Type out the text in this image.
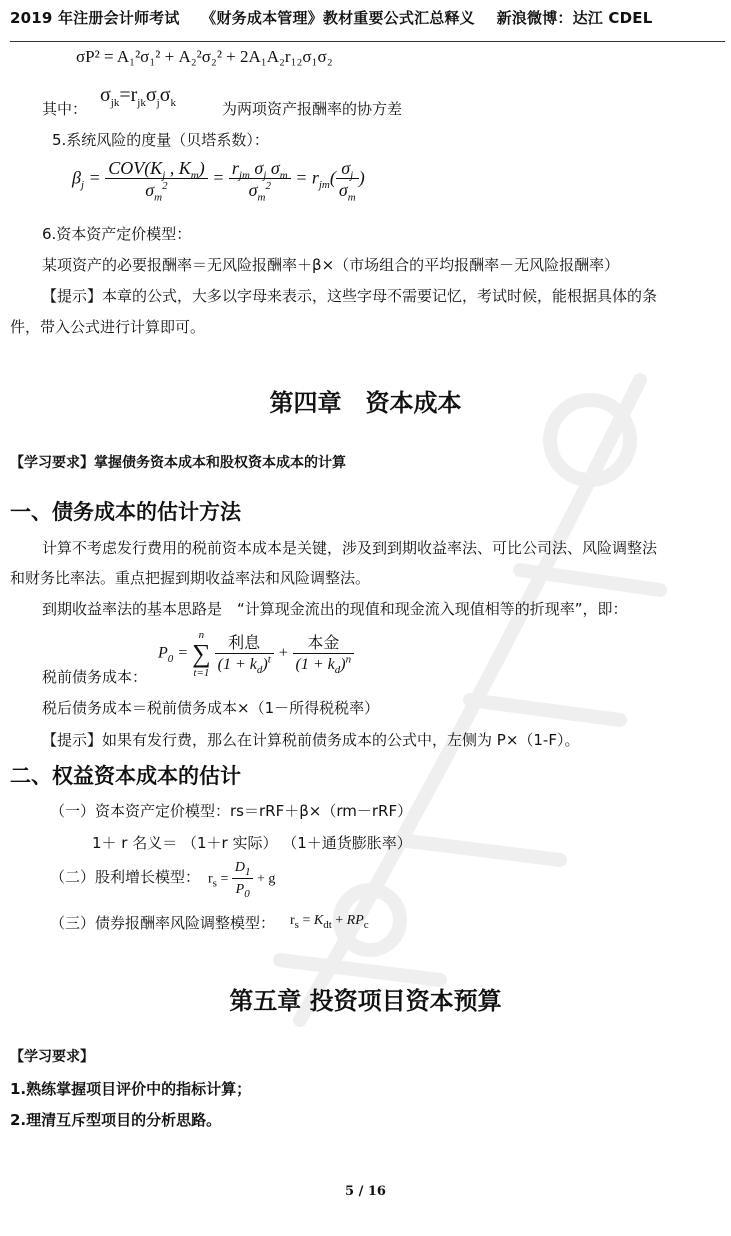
2019 年注册会计师考试 《财务成本管理》教材重要公式汇总释义 新浪微博：达江 CDEL
σP² = A₁²σ₁² + A₂²σ₂² + 2A₁A₂r₁₂σ₁σ₂
其中：
$\sigma_{jk}=r_{jk}\sigma_j\sigma_k$	为两项资产报酬率的协方差
5.系统风险的度量（贝塔系数）：
$\beta_j = \frac{COV(K_j , K_m)}{\sigma_m^2} = \frac{r_{jm} \sigma_j \sigma_m}{\sigma_m^2} = r_{jm}( \frac{\sigma_j}{\sigma_m}$ )
6.资本资产定价模型：
某项资产的必要报酬率＝无风险报酬率＋β×（市场组合的平均报酬率－无风险报酬率）
【提示】本章的公式，大多以字母来表示，这些字母不需要记忆，考试时候，能根据具体的条
件，带入公式进行计算即可。
第四章　资本成本
【学习要求】掌握债务资本成本和股权资本成本的计算
一、债务成本的估计方法
计算不考虑发行费用的税前资本成本是关键，涉及到到期收益率法、可比公司法、风险调整法
和财务比率法。重点把握到期收益率法和风险调整法。
到期收益率法的基本思路是　“计算现金流出的现值和现金流入现值相等的折现率”，即：
税前债务成本：
$P_0$ =
n
∑
t=1
$\frac{\text{利息}}{(1 + k_d)^t} + \frac{\text{本金}}{(1 + k_d)^n}$
税后债务成本＝税前债务成本×（1－所得税税率）
【提示】如果有发行费，那么在计算税前债务成本的公式中，左侧为 P×（1-F）。
二、权益资本成本的估计
（一）资本资产定价模型：rs＝rRF＋β×（rm－rRF）
1＋ r 名义＝ （1＋r 实际） （1＋通货膨胀率）
（二）股利增长模型： $r_s = \frac{D_1}{P_0} + g$
（三）债券报酬率风险调整模型： $r_s = K_{dt} + RP_c$
第五章 投资项目资本预算
【学习要求】
1.熟练掌握项目评价中的指标计算；
2.理清互斥型项目的分析思路。
5 / 16
